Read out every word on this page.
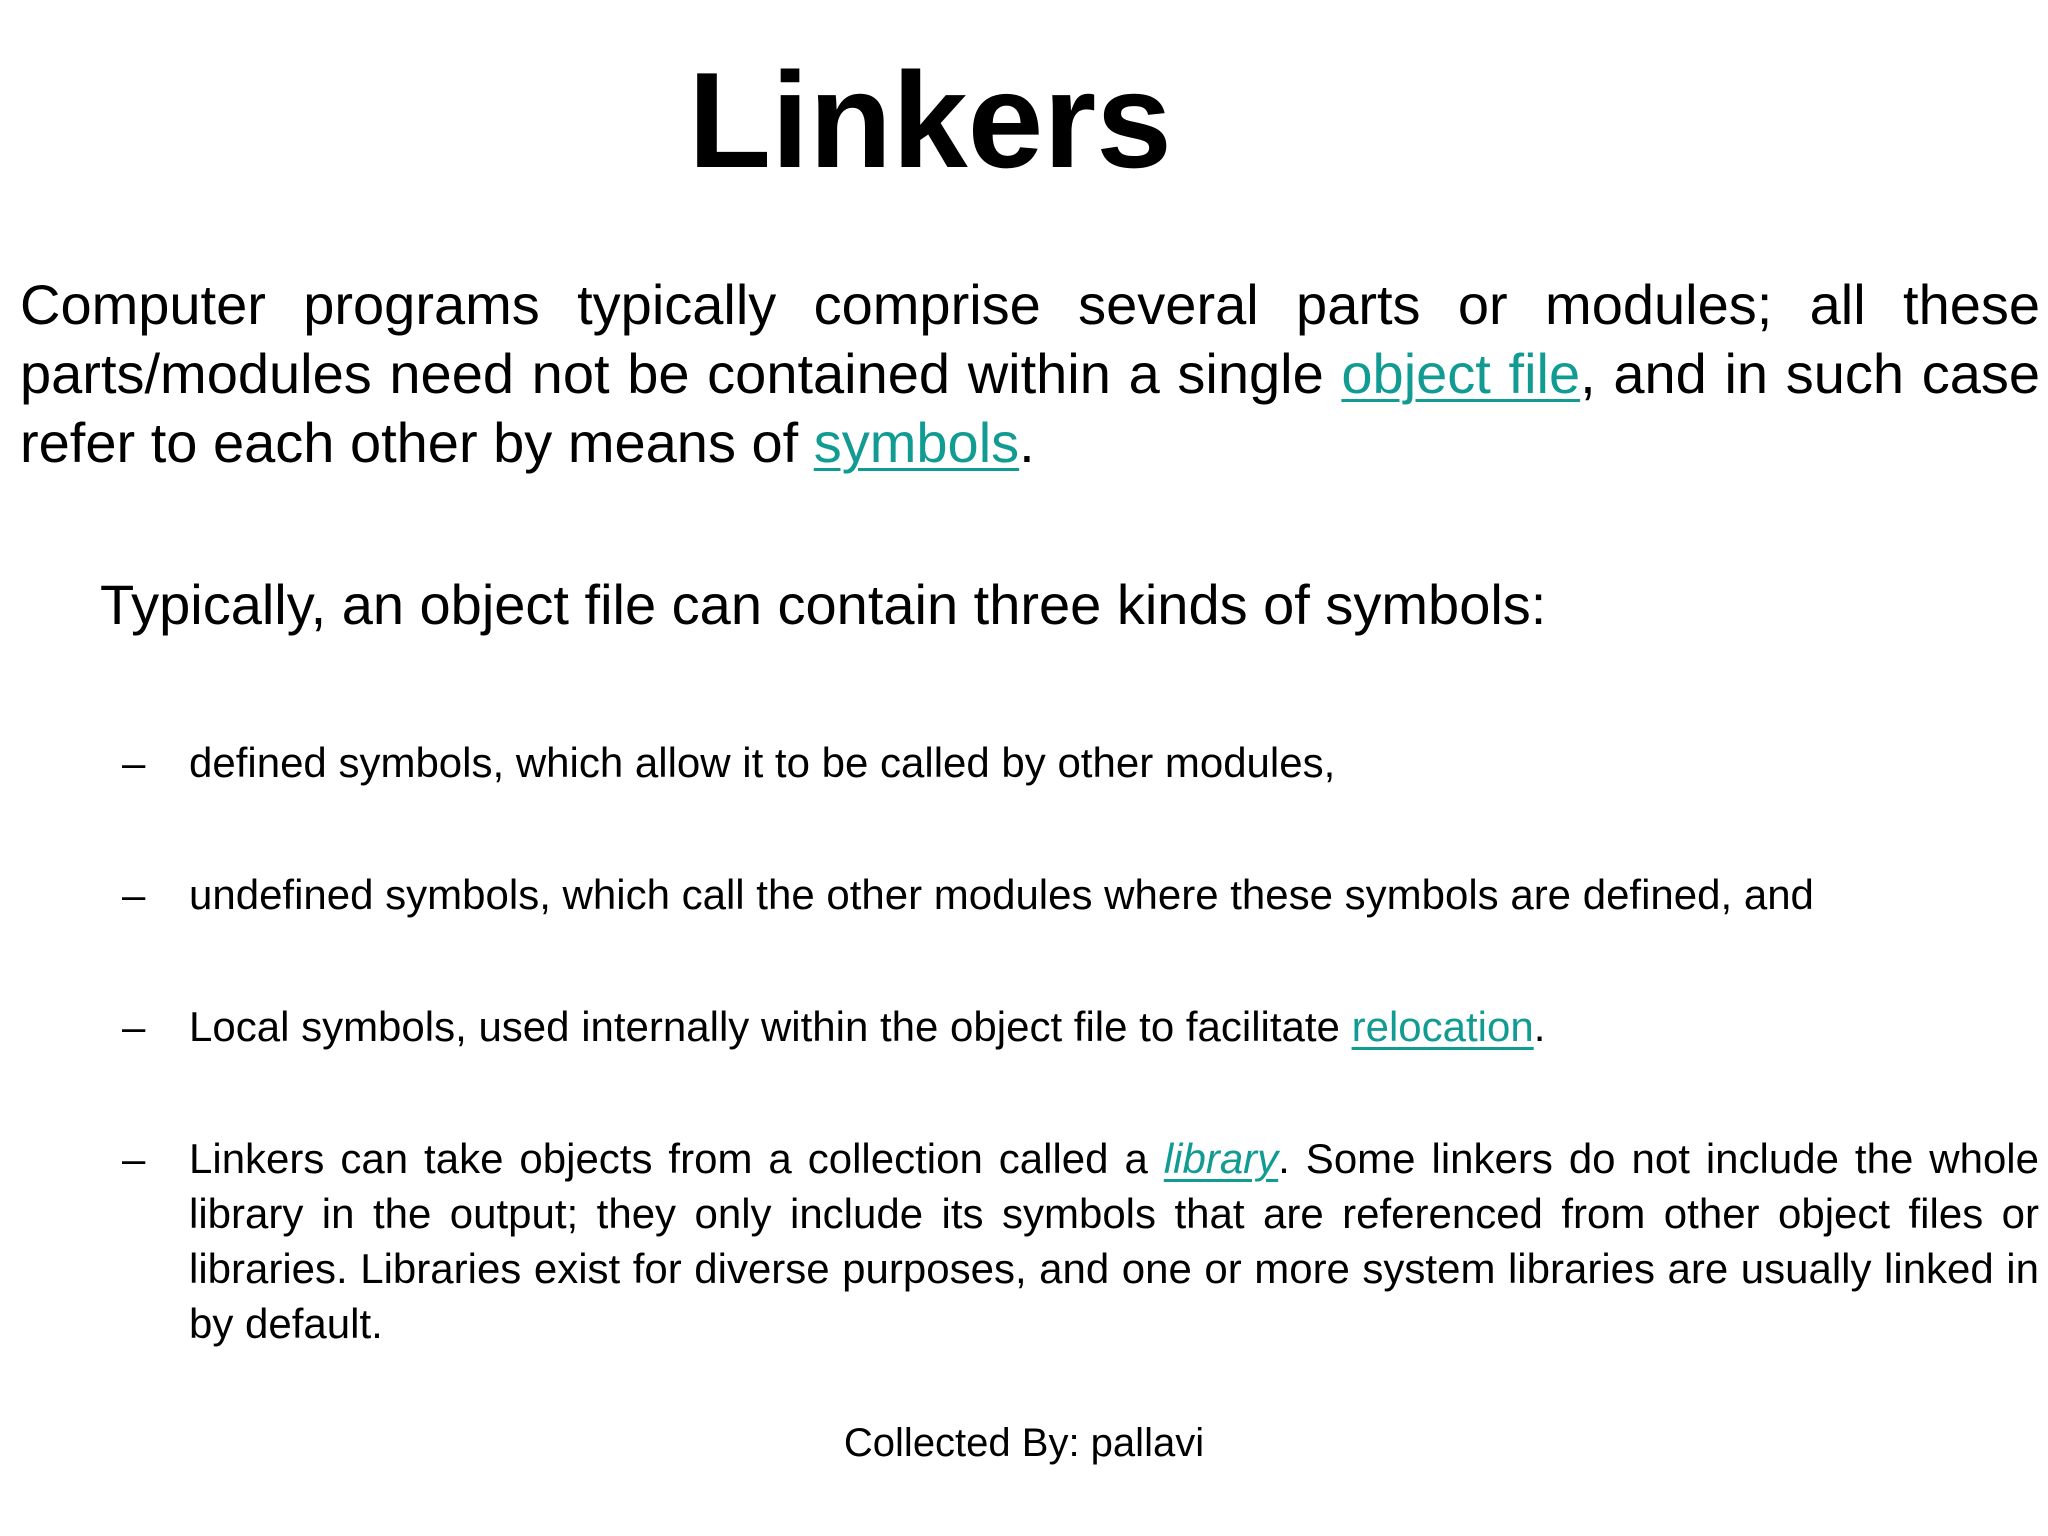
Linkers

Computer programs typically comprise several parts or modules; all these parts/modules need not be contained within a single object file, and in such case refer to each other by means of symbols.

Typically, an object file can contain three kinds of symbols:

– defined symbols, which allow it to be called by other modules,
– undefined symbols, which call the other modules where these symbols are defined, and
– Local symbols, used internally within the object file to facilitate relocation.
– Linkers can take objects from a collection called a library. Some linkers do not include the whole library in the output; they only include its symbols that are referenced from other object files or libraries. Libraries exist for diverse purposes, and one or more system libraries are usually linked in by default.

Collected By: pallavi
